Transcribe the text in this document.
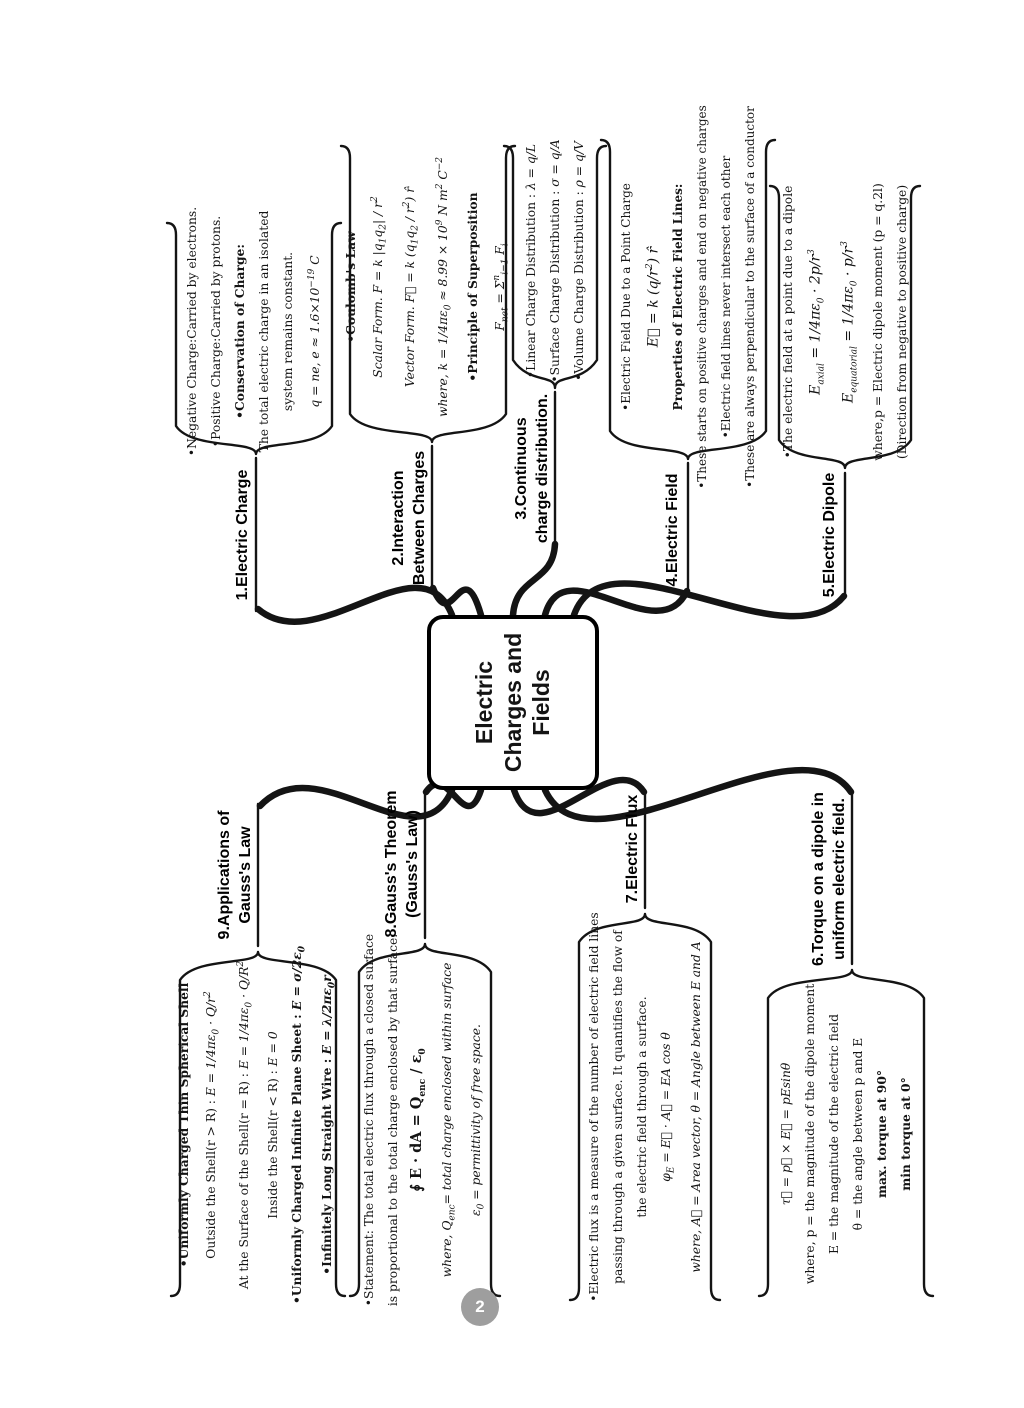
Electric Charges and Fields
1.Electric Charge	2.Interaction Between Charges	3.Continuous charge distribution.	4.Electric Field	5.Electric Dipole
6.Torque on a dipole in uniform electric field.
7.Electric Flux
8.Gauss's Theorem (Gauss's Law)
9.Applications of Gauss's Law
•Negative Charge:Carried by electrons. •Positive Charge:Carried by protons. •Conservation of Charge: The total electric charge in an isolated system remains constant.	q = ne, $e \approx 1.6\times 10^{-19}$ C	•Coulomb's Law	Scalar Form. F = k $|q_1q_2| / r^2$
Vector Form. F⃗ = k $(q_1q_2 / r^2)$ r̂
where, $k = 1/4\pi\varepsilon_0 \approx 8.99 \times 10^9$ N $m^2$ $C^{-2}$
•Principle of Superposition	$F_{net} = \Sigma^n_{i=1}$ $F_i$	•Linear Charge Distribution : λ = q/L
•Surface Charge Distribution : σ = q/A
•Volume Charge Distribution : ρ = q/V
•Electric Field Due to a Point Charge E⃗ = k $(q/r^2)$ r̂ Properties of Electric Field Lines: •These starts on positive charges and end on negative charges •Electric field lines never intersect each other •These are always perpendicular to the surface of a conductor	•The electric field at a point due to a dipole $E_{axial} = 1/4\pi\varepsilon_0 \cdot 2p/r^3$
$E_{equatorial} = 1/4\pi\varepsilon_0 \cdot p/r^3$	where,p = Electric dipole moment (p = q.2l) (Direction from negative to positive charge)
τ⃗ = p⃗ × E⃗ = pEsinθ where, p = the magnitude of the dipole moment E = the magnitude of the electric field θ = the angle between p and E max. torque at 90° min torque at 0°
•Electric flux is a measure of the number of electric field lines passing through a given surface. It quantifies the flow of the electric field through a surface. $\varphi_E$ = E⃗ · A⃗ = EA cos θ	where, A⃗ = Area vector, θ = Angle between E and A
•Statement: The total electric flux through a closed surface is proportional to the total charge enclosed by that surface. ∮ E · dA = $Q_{enc} / \varepsilon_0$
where, $Q_{enc}=$ total charge enclosed within surface
$\varepsilon_0$ = permittivity of free space.
•Uniformly Charged Thin Spherical Shell	Outside the Shell(r > R) : $E = 1/4\pi\varepsilon_0 \cdot Q/r^2$
At the Surface of the Shell(r = R) : $E = 1/4\pi\varepsilon_0 \cdot Q/R^2$
Inside the Shell(r < R) : E = 0 •Uniformly Charged Infinite Plane Sheet : $E = \sigma/2\varepsilon_0$
•Infinitely Long Straight Wire : $E = \lambda/2\pi\varepsilon_0r$
2
